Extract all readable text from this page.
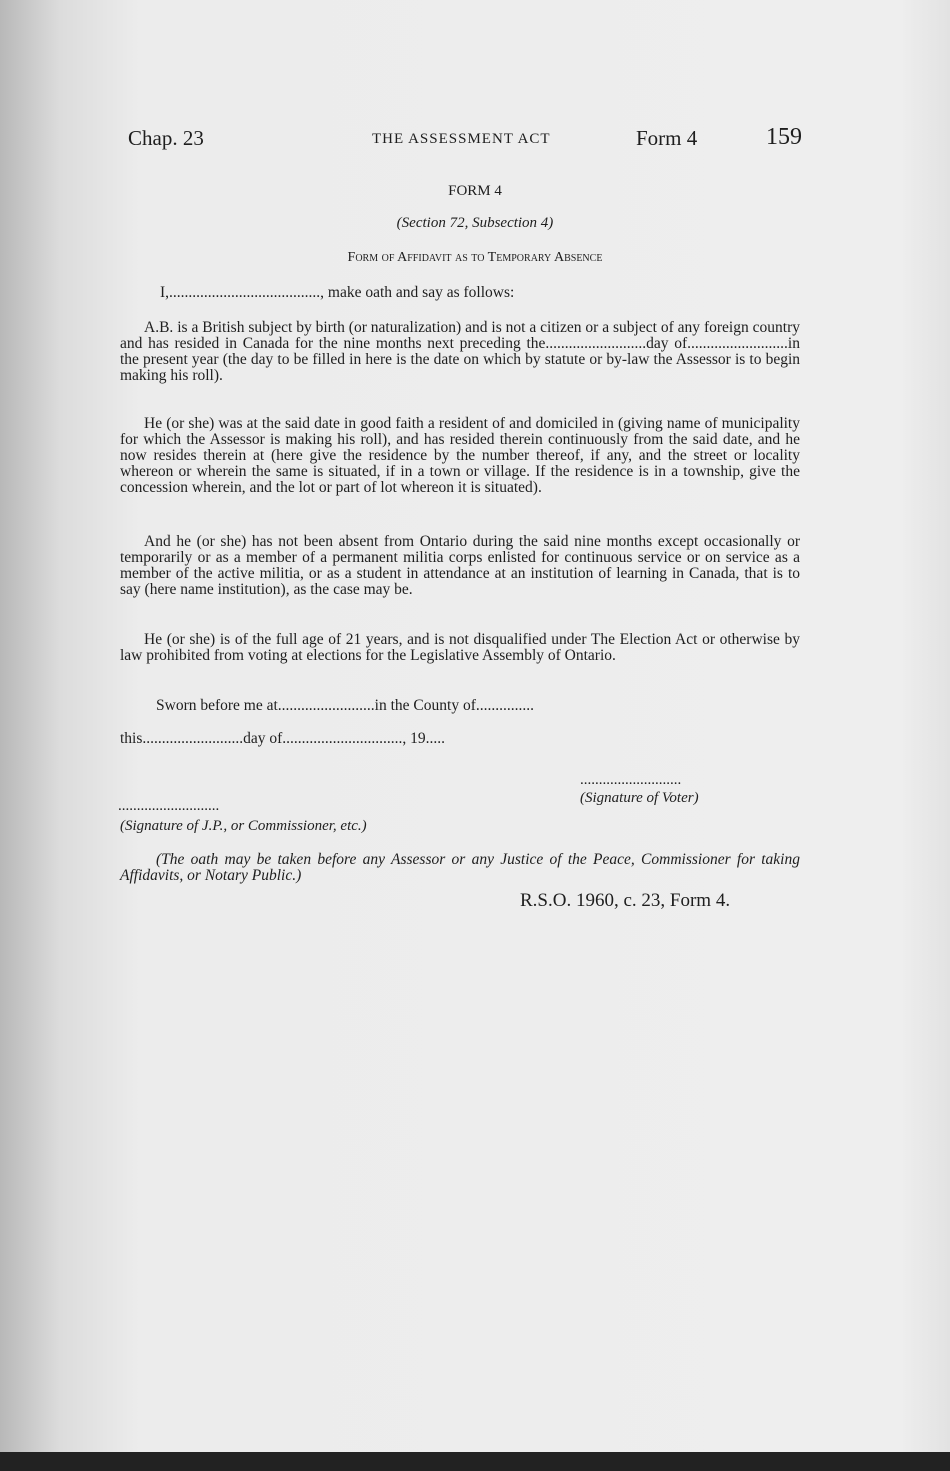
Chap. 23	THE ASSESSMENT ACT	Form 4	159
FORM 4
(Section 72, Subsection 4)
Form of Affidavit as to Temporary Absence

I,......................................., make oath and say as follows:

A.B. is a British subject by birth (or naturalization) and is not a citizen or a subject of any foreign country and has resided in Canada for the nine months next preceding the..........................day of..........................in the present year (the day to be filled in here is the date on which by statute or by-law the Assessor is to begin making his roll).

He (or she) was at the said date in good faith a resident of and domiciled in (giving name of municipality for which the Assessor is making his roll), and has resided therein continuously from the said date, and he now resides therein at (here give the residence by the number thereof, if any, and the street or locality whereon or wherein the same is situated, if in a town or village. If the residence is in a township, give the concession wherein, and the lot or part of lot whereon it is situated).

And he (or she) has not been absent from Ontario during the said nine months except occasionally or temporarily or as a member of a permanent militia corps enlisted for continuous service or on service as a member of the active militia, or as a student in attendance at an institution of learning in Canada, that is to say (here name institution), as the case may be.

He (or she) is of the full age of 21 years, and is not disqualified under The Election Act or otherwise by law prohibited from voting at elections for the Legislative Assembly of Ontario.

Sworn before me at.........................in the County of...............

this..........................day of..............................., 19.....

...........................
(Signature of Voter)
...........................
(Signature of J.P., or Commissioner, etc.)

(The oath may be taken before any Assessor or any Justice of the Peace, Commissioner for taking Affidavits, or Notary Public.)

R.S.O. 1960, c. 23, Form 4.
